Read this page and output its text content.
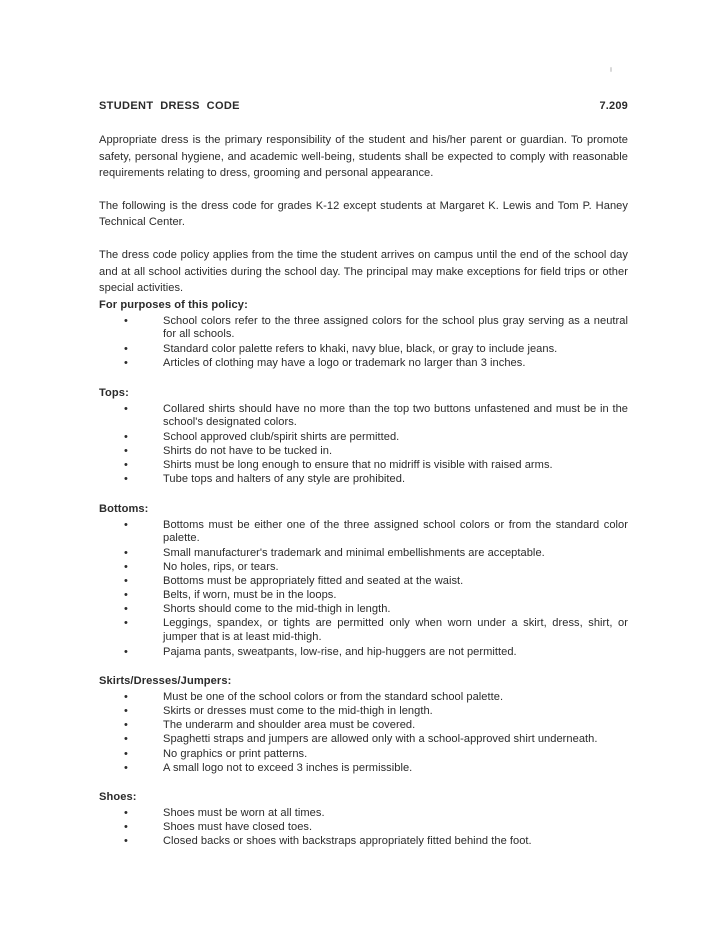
STUDENT  DRESS  CODE	7.209

Appropriate dress is the primary responsibility of the student and his/her parent or guardian. To promote safety, personal hygiene, and academic well-being, students shall be expected to comply with reasonable requirements relating to dress, grooming and personal appearance.

The following is the dress code for grades K-12 except students at Margaret K. Lewis and Tom P. Haney Technical Center.

The dress code policy applies from the time the student arrives on campus until the end of the school day and at all school activities during the school day. The principal may make exceptions for field trips or other special activities.

For purposes of this policy:
•	School colors refer to the three assigned colors for the school plus gray serving as a neutral for all schools.
•	Standard color palette refers to khaki, navy blue, black, or gray to include jeans.
•	Articles of clothing may have a logo or trademark no larger than 3 inches.
Tops:
•	Collared shirts should have no more than the top two buttons unfastened and must be in the school's designated colors.
•	School approved club/spirit shirts are permitted.
•	Shirts do not have to be tucked in.
•	Shirts must be long enough to ensure that no midriff is visible with raised arms.
•	Tube tops and halters of any style are prohibited.
Bottoms:
•	Bottoms must be either one of the three assigned school colors or from the standard color palette.
•	Small manufacturer's trademark and minimal embellishments are acceptable.
•	No holes, rips, or tears.
•	Bottoms must be appropriately fitted and seated at the waist.
•	Belts, if worn, must be in the loops.
•	Shorts should come to the mid-thigh in length.
•	Leggings, spandex, or tights are permitted only when worn under a skirt, dress, shirt, or jumper that is at least mid-thigh.
•	Pajama pants, sweatpants, low-rise, and hip-huggers are not permitted.
Skirts/Dresses/Jumpers:
•	Must be one of the school colors or from the standard school palette.
•	Skirts or dresses must come to the mid-thigh in length.
•	The underarm and shoulder area must be covered.
•	Spaghetti straps and jumpers are allowed only with a school-approved shirt underneath.
•	No graphics or print patterns.
•	A small logo not to exceed 3 inches is permissible.
Shoes:
•	Shoes must be worn at all times.
•	Shoes must have closed toes.
•	Closed backs or shoes with backstraps appropriately fitted behind the foot.
